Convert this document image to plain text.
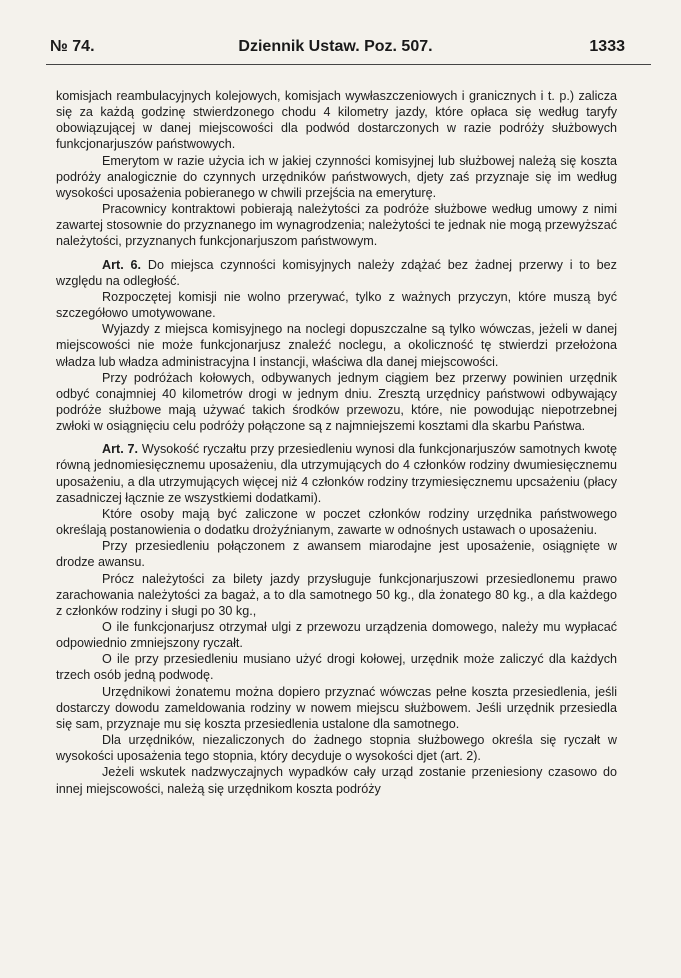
№ 74.	Dziennik Ustaw. Poz. 507.	1333

komisjach reambulacyjnych kolejowych, komisjach wywłaszczeniowych i granicznych i t. p.) zalicza się za każdą godzinę stwierdzonego chodu 4 kilometry jazdy, które opłaca się według taryfy obowiązującej w danej miejscowości dla podwód dostarczonych w razie podróży służbowych funkcjonarjuszów państwowych.

Emerytom w razie użycia ich w jakiej czynności komisyjnej lub służbowej należą się koszta podróży analogicznie do czynnych urzędników państwowych, djety zaś przyznaje się im według wysokości uposażenia pobieranego w chwili przejścia na emeryturę.

Pracownicy kontraktowi pobierają należytości za podróże służbowe według umowy z nimi zawartej stosownie do przyznanego im wynagrodzenia; należytości te jednak nie mogą przewyższać należytości, przyznanych funkcjonarjuszom państwowym.

Art. 6. Do miejsca czynności komisyjnych należy zdążać bez żadnej przerwy i to bez względu na odległość.

Rozpoczętej komisji nie wolno przerywać, tylko z ważnych przyczyn, które muszą być szczegółowo umotywowane.

Wyjazdy z miejsca komisyjnego na noclegi dopuszczalne są tylko wówczas, jeżeli w danej miejscowości nie może funkcjonarjusz znaleźć noclegu, a okoliczność tę stwierdzi przełożona władza lub władza administracyjna I instancji, właściwa dla danej miejscowości.

Przy podróżach kołowych, odbywanych jednym ciągiem bez przerwy powinien urzędnik odbyć conajmniej 40 kilometrów drogi w jednym dniu. Zresztą urzędnicy państwowi odbywający podróże służbowe mają używać takich środków przewozu, które, nie powodując niepotrzebnej zwłoki w osiągnięciu celu podróży połączone są z najmniejszemi kosztami dla skarbu Państwa.

Art. 7. Wysokość ryczałtu przy przesiedleniu wynosi dla funkcjonarjuszów samotnych kwotę równą jednomiesięcznemu uposażeniu, dla utrzymujących do 4 członków rodziny dwumiesięcznemu uposażeniu, a dla utrzymujących więcej niż 4 członków rodziny trzymiesięcznemu upcsażeniu (płacy zasadniczej łącznie ze wszystkiemi dodatkami).

Które osoby mają być zaliczone w poczet członków rodziny urzędnika państwowego określają postanowienia o dodatku drożyźnianym, zawarte w odnośnych ustawach o uposażeniu.

Przy przesiedleniu połączonem z awansem miarodajne jest uposażenie, osiągnięte w drodze awansu.

Prócz należytości za bilety jazdy przysługuje funkcjonarjuszowi przesiedlonemu prawo zarachowania należytości za bagaż, a to dla samotnego 50 kg., dla żonatego 80 kg., a dla każdego z członków rodziny i sługi po 30 kg.,

O ile funkcjonarjusz otrzymał ulgi z przewozu urządzenia domowego, należy mu wypłacać odpowiednio zmniejszony ryczałt.

O ile przy przesiedleniu musiano użyć drogi kołowej, urzędnik może zaliczyć dla każdych trzech osób jedną podwodę.

Urzędnikowi żonatemu można dopiero przyznać wówczas pełne koszta przesiedlenia, jeśli dostarczy dowodu zameldowania rodziny w nowem miejscu służbowem. Jeśli urzędnik przesiedla się sam, przyznaje mu się koszta przesiedlenia ustalone dla samotnego.

Dla urzędników, niezaliczonych do żadnego stopnia służbowego określa się ryczałt w wysokości uposażenia tego stopnia, który decyduje o wysokości djet (art. 2).

Jeżeli wskutek nadzwyczajnych wypadków cały urząd zostanie przeniesiony czasowo do innej miejscowości, należą się urzędnikom koszta podróży
